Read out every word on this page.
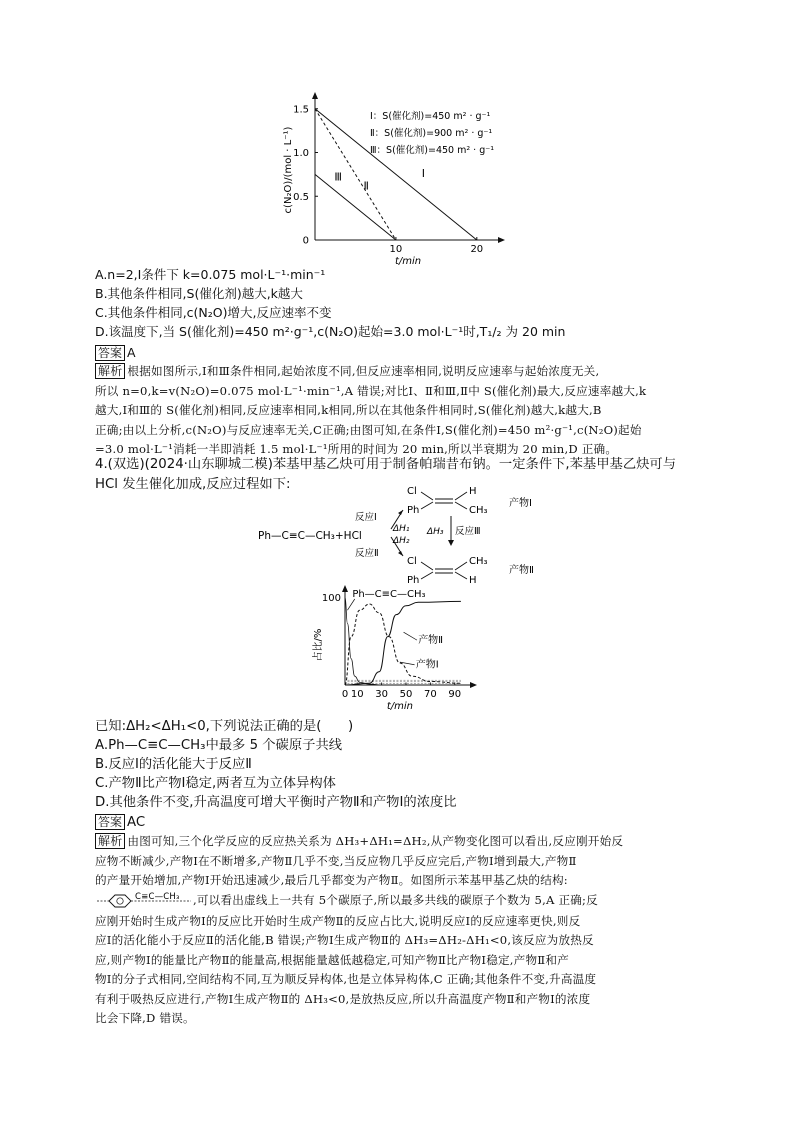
1.5
1.0
0.5
0
10	20
t/min
c(N₂O)/(mol · L⁻¹)	Ⅰ
Ⅱ
Ⅲ
Ⅰ：S(催化剂)=450 m² · g⁻¹
Ⅱ：S(催化剂)=900 m² · g⁻¹
Ⅲ：S(催化剂)=450 m² · g⁻¹
A.n=2,Ⅰ条件下 k=0.075 mol·L⁻¹·min⁻¹
B.其他条件相同,S(催化剂)越大,k越大
C.其他条件相同,c(N₂O)增大,反应速率不变
D.该温度下,当 S(催化剂)=450 m²·g⁻¹,c(N₂O)起始=3.0 mol·L⁻¹时,T₁/₂ 为 20 min
答案 A
解析 根据如图所示,Ⅰ和Ⅲ条件相同,起始浓度不同,但反应速率相同,说明反应速率与起始浓度无关,
所以 n=0,k=v(N₂O)=0.075 mol·L⁻¹·min⁻¹,A 错误;对比Ⅰ、Ⅱ和Ⅲ,Ⅱ中 S(催化剂)最大,反应速率越大,k
越大,Ⅰ和Ⅲ的 S(催化剂)相同,反应速率相同,k相同,所以在其他条件相同时,S(催化剂)越大,k越大,B
正确;由以上分析,c(N₂O)与反应速率无关,C正确;由图可知,在条件Ⅰ,S(催化剂)=450 m²·g⁻¹,c(N₂O)起始
=3.0 mol·L⁻¹消耗一半即消耗 1.5 mol·L⁻¹所用的时间为 20 min,所以半衰期为 20 min,D 正确。
4.(双选)(2024·山东聊城二模)苯基甲基乙炔可用于制备帕瑞昔布钠。一定条件下,苯基甲基乙炔可与
HCl 发生催化加成,反应过程如下:
Ph—C≡C—CH₃+HCl
反应Ⅰ
反应Ⅱ
ΔH₁
ΔH₂
Cl
Ph
H
CH₃
产物Ⅰ
ΔH₃ 反应Ⅲ
Cl
Ph
CH₃
H
产物Ⅱ
100
占比/%
0 10 30 50 70 90
t/min
Ph—C≡C—CH₃
产物Ⅱ
产物Ⅰ
已知:ΔH₂<ΔH₁<0,下列说法正确的是(　　)
A.Ph—C≡C—CH₃中最多 5 个碳原子共线
B.反应Ⅰ的活化能大于反应Ⅱ
C.产物Ⅱ比产物Ⅰ稳定,两者互为立体异构体
D.其他条件不变,升高温度可增大平衡时产物Ⅱ和产物Ⅰ的浓度比
答案 AC
解析 由图可知,三个化学反应的反应热关系为 ΔH₃+ΔH₁=ΔH₂,从产物变化图可以看出,反应刚开始反
应物不断减少,产物Ⅰ在不断增多,产物Ⅱ几乎不变,当反应物几乎反应完后,产物Ⅰ增到最大,产物Ⅱ
的产量开始增加,产物Ⅰ开始迅速减少,最后几乎都变为产物Ⅱ。如图所示苯基甲基乙炔的结构:
C≡C—CH₃ ,可以看出虚线上一共有 5个碳原子,所以最多共线的碳原子个数为 5,A 正确;反
应刚开始时生成产物Ⅰ的反应比开始时生成产物Ⅱ的反应占比大,说明反应Ⅰ的反应速率更快,则反
应Ⅰ的活化能小于反应Ⅱ的活化能,B 错误;产物Ⅰ生成产物Ⅱ的 ΔH₃=ΔH₂-ΔH₁<0,该反应为放热反
应,则产物Ⅰ的能量比产物Ⅱ的能量高,根据能量越低越稳定,可知产物Ⅱ比产物Ⅰ稳定,产物Ⅱ和产
物Ⅰ的分子式相同,空间结构不同,互为顺反异构体,也是立体异构体,C 正确;其他条件不变,升高温度
有利于吸热反应进行,产物Ⅰ生成产物Ⅱ的 ΔH₃<0,是放热反应,所以升高温度产物Ⅱ和产物Ⅰ的浓度
比会下降,D 错误。
